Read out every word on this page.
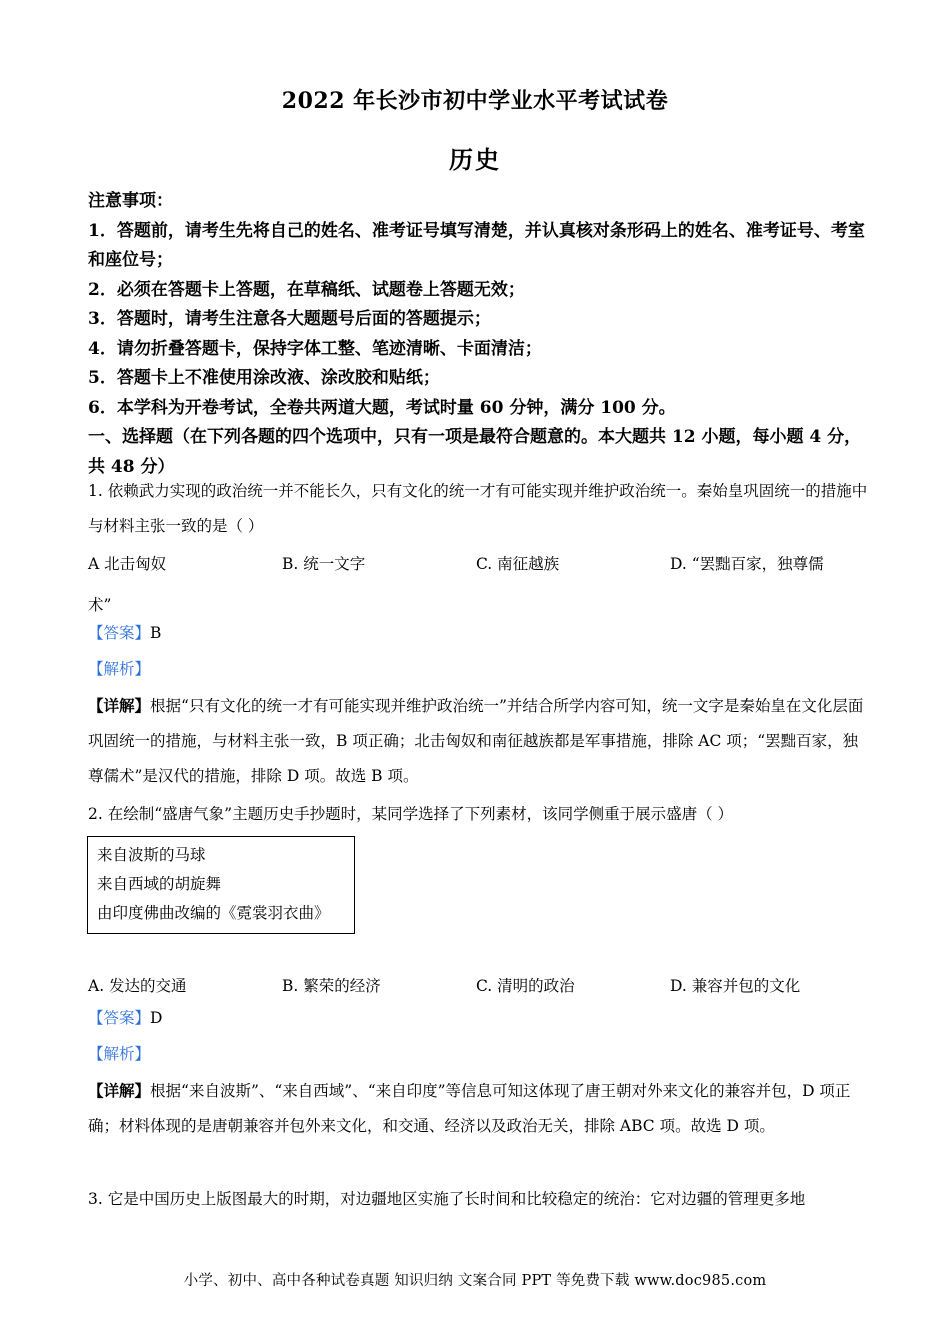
2022 年长沙市初中学业水平考试试卷
历史
注意事项：
1．答题前，请考生先将自己的姓名、准考证号填写清楚，并认真核对条形码上的姓名、准考证号、考室和座位号；
2．必须在答题卡上答题，在草稿纸、试题卷上答题无效；
3．答题时，请考生注意各大题题号后面的答题提示；
4．请勿折叠答题卡，保持字体工整、笔迹清晰、卡面清洁；
5．答题卡上不准使用涂改液、涂改胶和贴纸；
6．本学科为开卷考试，全卷共两道大题，考试时量 60 分钟，满分 100 分。
一、选择题（在下列各题的四个选项中，只有一项是最符合题意的。本大题共 12 小题，每小题 4 分，共 48 分）
1. 依赖武力实现的政治统一并不能长久，只有文化的统一才有可能实现并维护政治统一。秦始皇巩固统一的措施中与材料主张一致的是（ ）
A 北击匈奴	B. 统一文字	C. 南征越族	D. “罢黜百家，独尊儒
术”
【答案】B
【解析】
【详解】根据“只有文化的统一才有可能实现并维护政治统一”并结合所学内容可知，统一文字是秦始皇在文化层面巩固统一的措施，与材料主张一致，B 项正确；北击匈奴和南征越族都是军事措施，排除 AC 项；“罢黜百家，独尊儒术”是汉代的措施，排除 D 项。故选 B 项。
2. 在绘制“盛唐气象”主题历史手抄题时，某同学选择了下列素材，该同学侧重于展示盛唐（ ）
来自波斯的马球
来自西域的胡旋舞
由印度佛曲改编的《霓裳羽衣曲》
A. 发达的交通	B. 繁荣的经济	C. 清明的政治	D. 兼容并包的文化
【答案】D
【解析】
【详解】根据“来自波斯”、“来自西域”、“来自印度”等信息可知这体现了唐王朝对外来文化的兼容并包，D 项正确；材料体现的是唐朝兼容并包外来文化，和交通、经济以及政治无关，排除 ABC 项。故选 D 项。
3. 它是中国历史上版图最大的时期，对边疆地区实施了长时间和比较稳定的统治：它对边疆的管理更多地
小学、初中、高中各种试卷真题 知识归纳 文案合同 PPT 等免费下载 www.doc985.com
